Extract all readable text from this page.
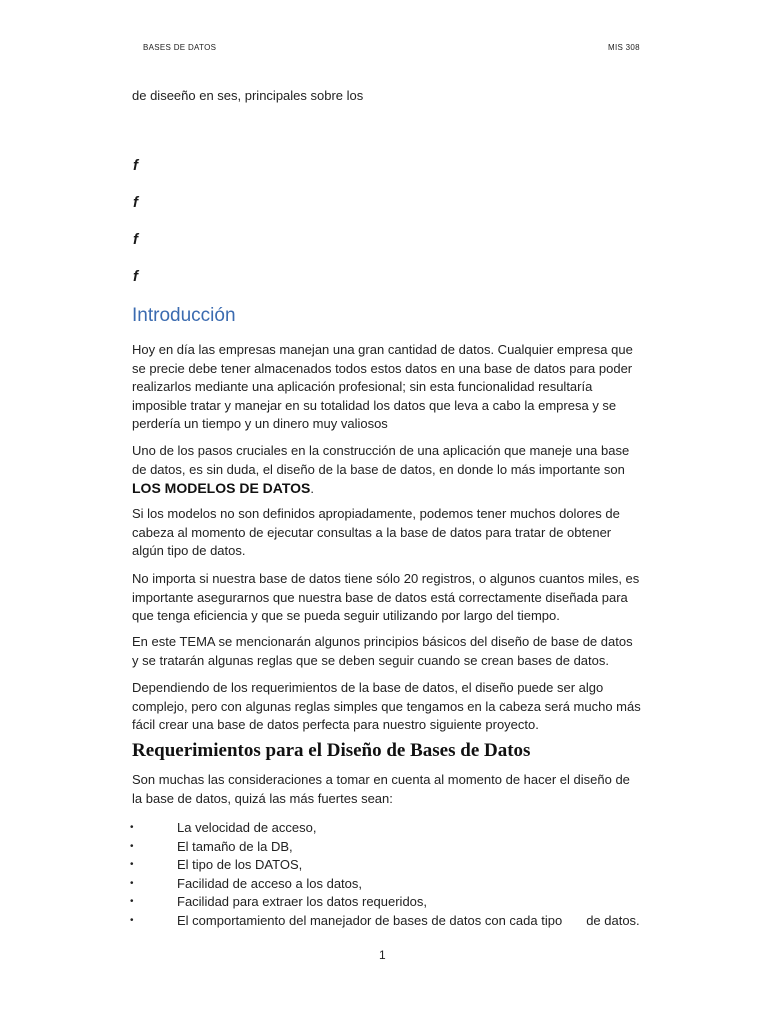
BASES DE DATOS	MIS 308
de diseeño en ses, principales sobre los
f
f
f
f
Introducción
Hoy en día las empresas manejan una gran cantidad de datos. Cualquier empresa que se precie debe tener almacenados todos estos datos en una base de datos para poder realizarlos mediante una aplicación profesional; sin esta funcionalidad resultaría imposible tratar y manejar en su totalidad los datos que leva a cabo la empresa y se perdería un tiempo y un dinero muy valiosos
Uno de los pasos cruciales en la construcción de una aplicación que maneje una base de datos, es sin duda, el diseño de la base de datos, en donde lo más importante son LOS MODELOS DE DATOS.
Si los modelos no son definidos apropiadamente, podemos tener muchos dolores de cabeza al momento de ejecutar consultas a la base de datos para tratar de obtener algún tipo de datos.
No importa si nuestra base de datos tiene sólo 20 registros, o algunos cuantos miles, es importante asegurarnos que nuestra base de datos está correctamente diseñada para que tenga eficiencia y que se pueda seguir utilizando por largo del tiempo.
En este TEMA se mencionarán algunos principios básicos del diseño de base de datos y se tratarán algunas reglas que se deben seguir cuando se crean bases de datos.
Dependiendo de los requerimientos de la base de datos, el diseño puede ser algo complejo, pero con algunas reglas simples que tengamos en la cabeza será mucho más fácil crear una base de datos perfecta para nuestro siguiente proyecto.
Requerimientos para el Diseño de Bases de Datos
Son muchas las consideraciones a tomar en cuenta al momento de hacer el diseño de la base de datos, quizá las más fuertes sean:
•	La velocidad de acceso,
•	El tamaño de la DB,
•	El tipo de los DATOS,
•	Facilidad de acceso a los datos,
•	Facilidad para extraer los datos requeridos,
•	El comportamiento del manejador de bases de datos con cada tipo de datos.
1
